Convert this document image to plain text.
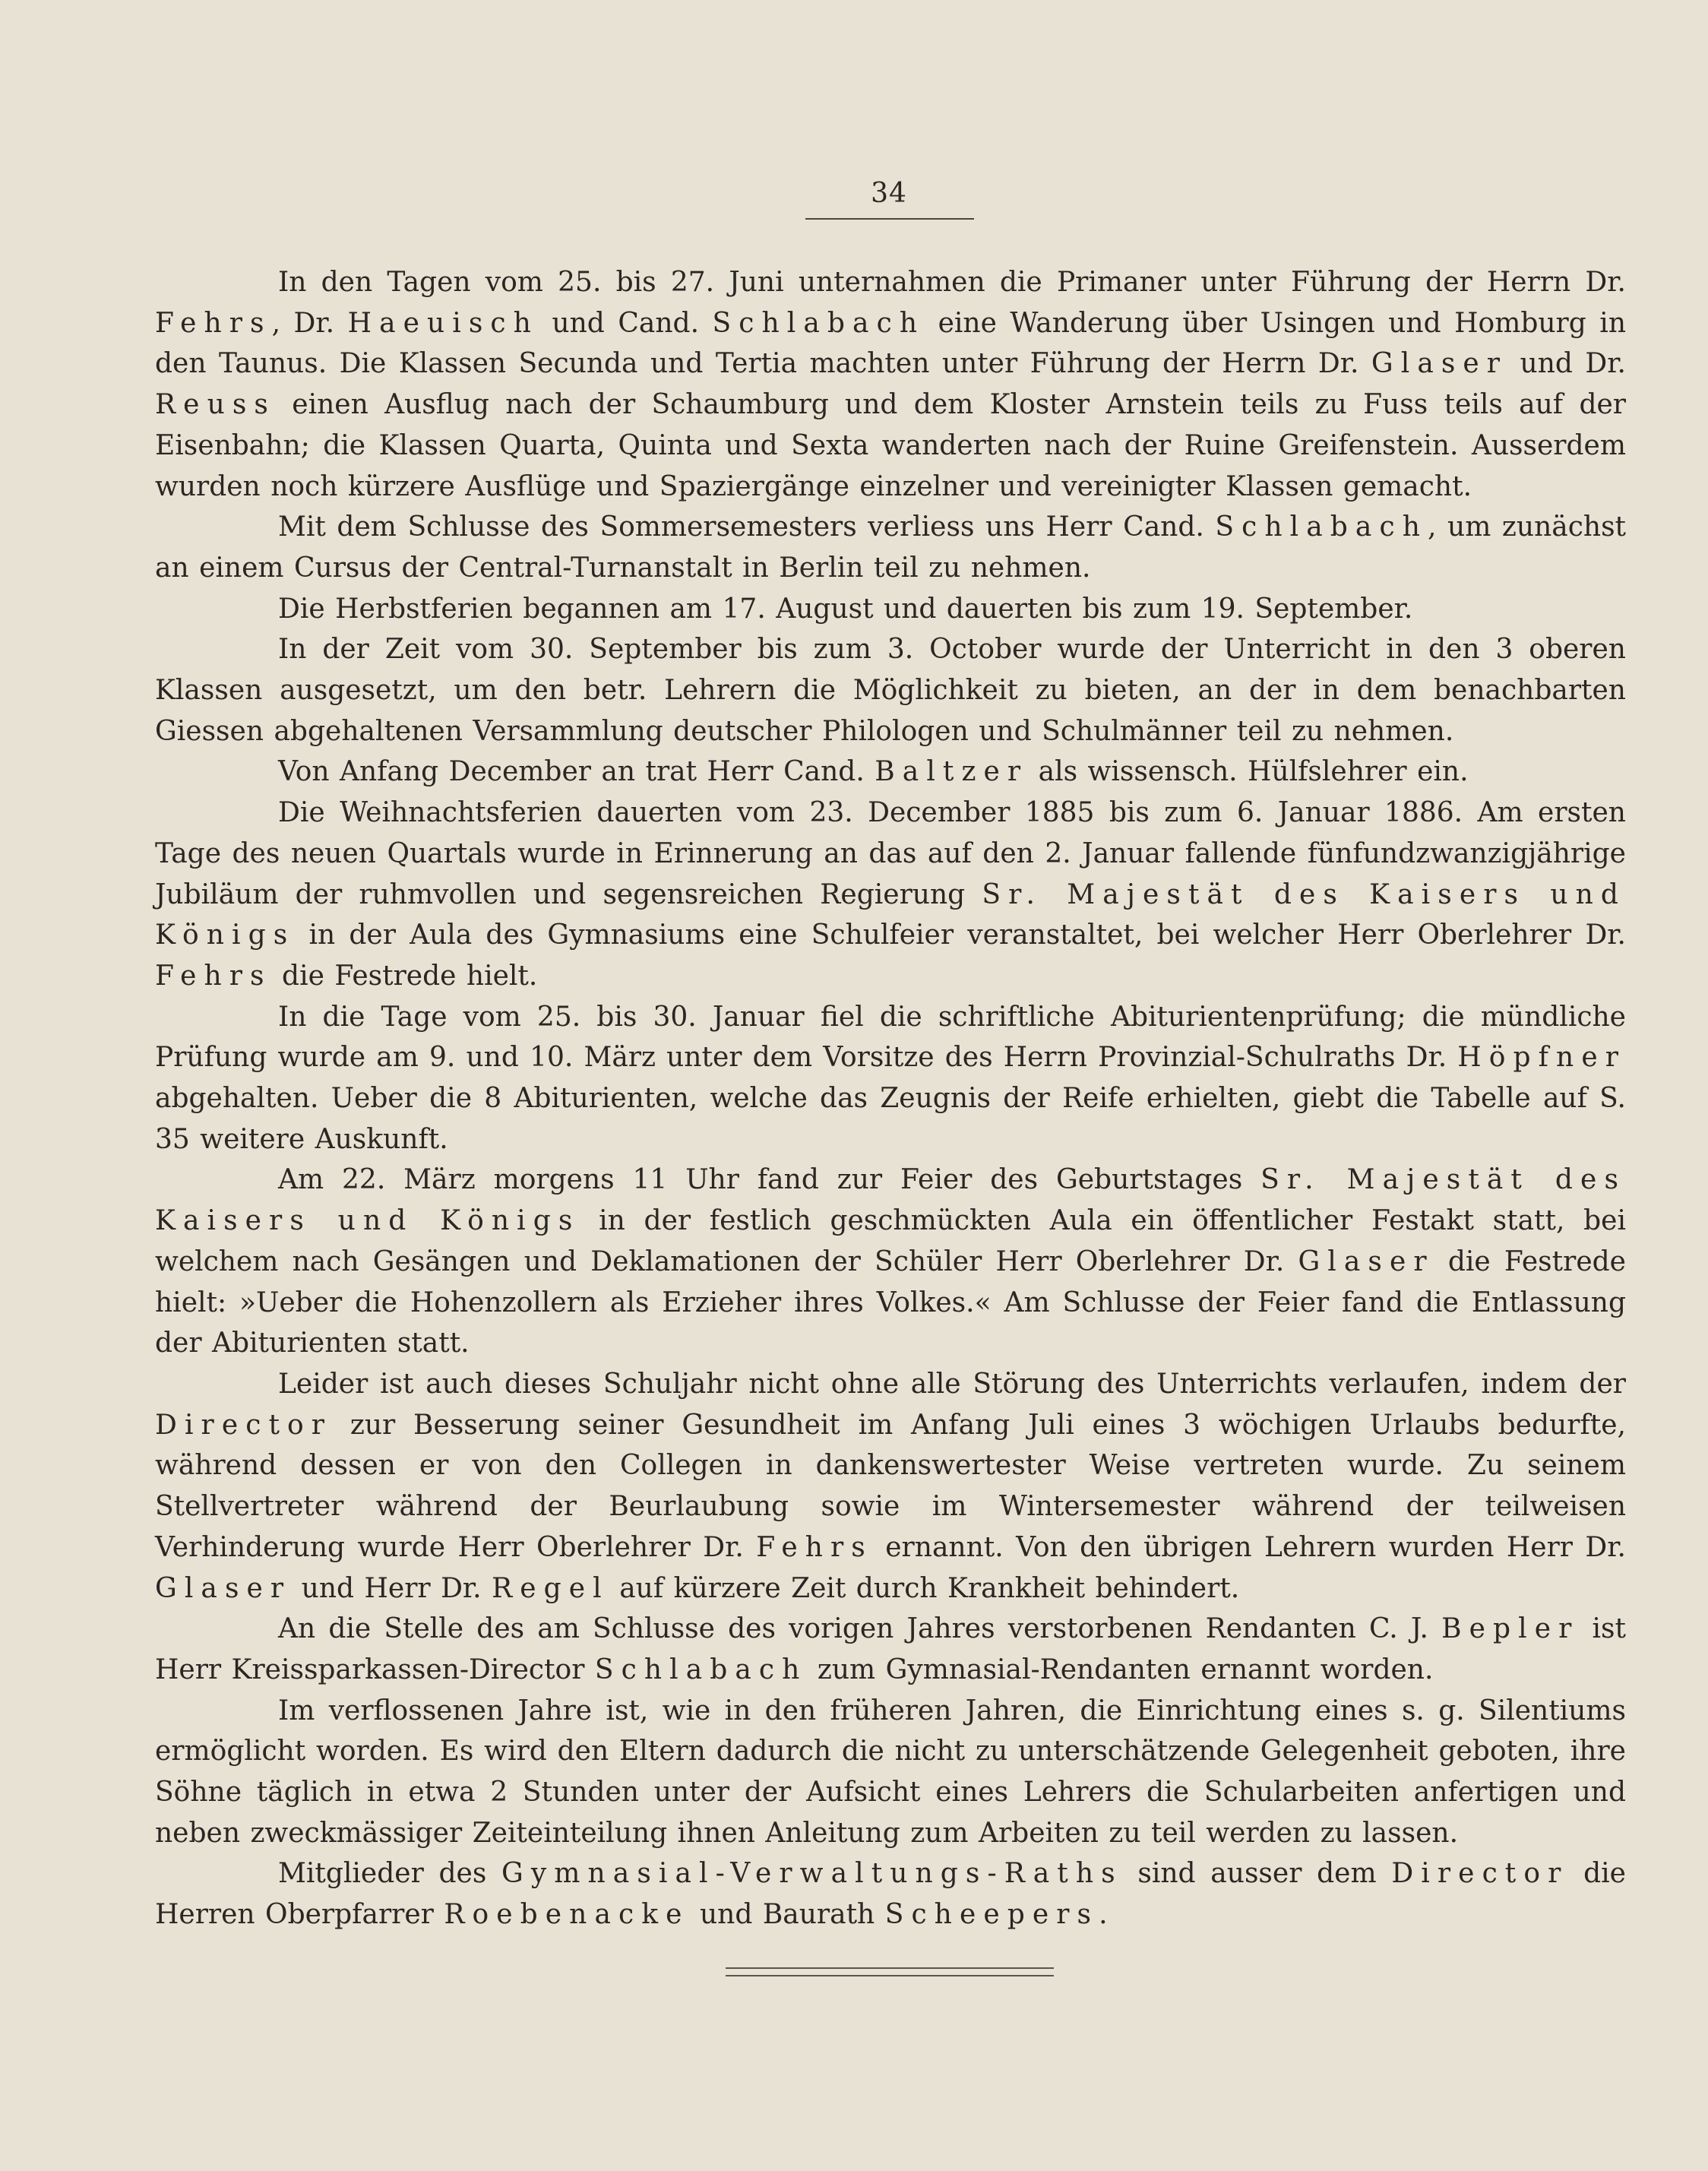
34

In den Tagen vom 25. bis 27. Juni unternahmen die Primaner unter Führung der Herrn Dr. Fehrs, Dr. Haeuisch und Cand. Schlabach eine Wanderung über Usingen und Homburg in den Taunus. Die Klassen Secunda und Tertia machten unter Führung der Herrn Dr. Glaser und Dr. Reuss einen Ausflug nach der Schaumburg und dem Kloster Arnstein teils zu Fuss teils auf der Eisenbahn; die Klassen Quarta, Quinta und Sexta wanderten nach der Ruine Greifenstein. Ausserdem wurden noch kürzere Ausflüge und Spaziergänge einzelner und vereinigter Klassen gemacht.

Mit dem Schlusse des Sommersemesters verliess uns Herr Cand. Schlabach, um zunächst an einem Cursus der Central-Turnanstalt in Berlin teil zu nehmen.

Die Herbstferien begannen am 17. August und dauerten bis zum 19. September.

In der Zeit vom 30. September bis zum 3. October wurde der Unterricht in den 3 oberen Klassen ausgesetzt, um den betr. Lehrern die Möglichkeit zu bieten, an der in dem benachbarten Giessen abgehaltenen Versammlung deutscher Philologen und Schulmänner teil zu nehmen.

Von Anfang December an trat Herr Cand. Baltzer als wissensch. Hülfslehrer ein.

Die Weihnachtsferien dauerten vom 23. December 1885 bis zum 6. Januar 1886. Am ersten Tage des neuen Quartals wurde in Erinnerung an das auf den 2. Januar fallende fünfundzwanzigjährige Jubiläum der ruhmvollen und segensreichen Regierung Sr. Majestät des Kaisers und Königs in der Aula des Gymnasiums eine Schulfeier veranstaltet, bei welcher Herr Oberlehrer Dr. Fehrs die Festrede hielt.

In die Tage vom 25. bis 30. Januar fiel die schriftliche Abiturientenprüfung; die mündliche Prüfung wurde am 9. und 10. März unter dem Vorsitze des Herrn Provinzial-Schulraths Dr. Höpfner abgehalten. Ueber die 8 Abiturienten, welche das Zeugnis der Reife erhielten, giebt die Tabelle auf S. 35 weitere Auskunft.

Am 22. März morgens 11 Uhr fand zur Feier des Geburtstages Sr. Majestät des Kaisers und Königs in der festlich geschmückten Aula ein öffentlicher Festakt statt, bei welchem nach Gesängen und Deklamationen der Schüler Herr Oberlehrer Dr. Glaser die Festrede hielt: »Ueber die Hohenzollern als Erzieher ihres Volkes.« Am Schlusse der Feier fand die Entlassung der Abiturienten statt.

Leider ist auch dieses Schuljahr nicht ohne alle Störung des Unterrichts verlaufen, indem der Director zur Besserung seiner Gesundheit im Anfang Juli eines 3 wöchigen Urlaubs bedurfte, während dessen er von den Collegen in dankenswertester Weise vertreten wurde. Zu seinem Stellvertreter während der Beurlaubung sowie im Wintersemester während der teilweisen Verhinderung wurde Herr Oberlehrer Dr. Fehrs ernannt. Von den übrigen Lehrern wurden Herr Dr. Glaser und Herr Dr. Regel auf kürzere Zeit durch Krankheit behindert.

An die Stelle des am Schlusse des vorigen Jahres verstorbenen Rendanten C. J. Bepler ist Herr Kreissparkassen-Director Schlabach zum Gymnasial-Rendanten ernannt worden.

Im verflossenen Jahre ist, wie in den früheren Jahren, die Einrichtung eines s. g. Silentiums ermöglicht worden. Es wird den Eltern dadurch die nicht zu unterschätzende Gelegenheit geboten, ihre Söhne täglich in etwa 2 Stunden unter der Aufsicht eines Lehrers die Schularbeiten anfertigen und neben zweckmässiger Zeiteinteilung ihnen Anleitung zum Arbeiten zu teil werden zu lassen.

Mitglieder des Gymnasial-Verwaltungs-Raths sind ausser dem Director die Herren Oberpfarrer Roebenacke und Baurath Scheepers.
